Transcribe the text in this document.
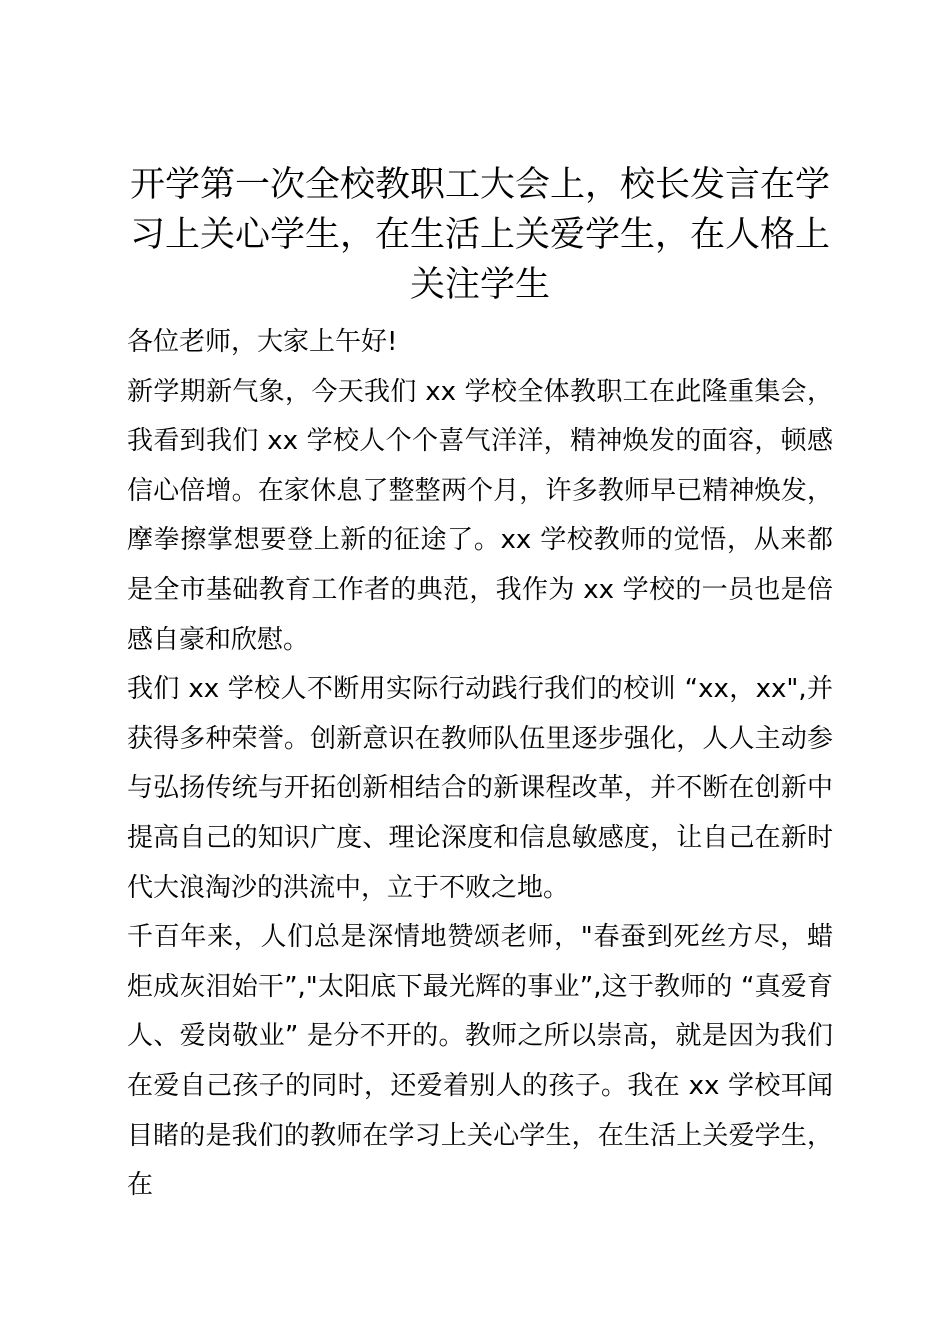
开学第一次全校教职工大会上，校长发言在学习上关心学生，在生活上关爱学生，在人格上关注学生

各位老师，大家上午好!

新学期新气象，今天我们 xx 学校全体教职工在此隆重集会，我看到我们 xx 学校人个个喜气洋洋，精神焕发的面容，顿感信心倍增。在家休息了整整两个月，许多教师早已精神焕发，摩拳擦掌想要登上新的征途了。xx 学校教师的觉悟，从来都是全市基础教育工作者的典范，我作为 xx 学校的一员也是倍感自豪和欣慰。

我们 xx 学校人不断用实际行动践行我们的校训 “xx，xx",并获得多种荣誉。创新意识在教师队伍里逐步强化，人人主动参与弘扬传统与开拓创新相结合的新课程改革，并不断在创新中提高自己的知识广度、理论深度和信息敏感度，让自己在新时代大浪淘沙的洪流中，立于不败之地。

千百年来，人们总是深情地赞颂老师，"春蚕到死丝方尽，蜡炬成灰泪始干”,"太阳底下最光辉的事业”,这于教师的 “真爱育人、爱岗敬业” 是分不开的。教师之所以崇高，就是因为我们在爱自己孩子的同时，还爱着别人的孩子。我在 xx 学校耳闻目睹的是我们的教师在学习上关心学生，在生活上关爱学生，在
